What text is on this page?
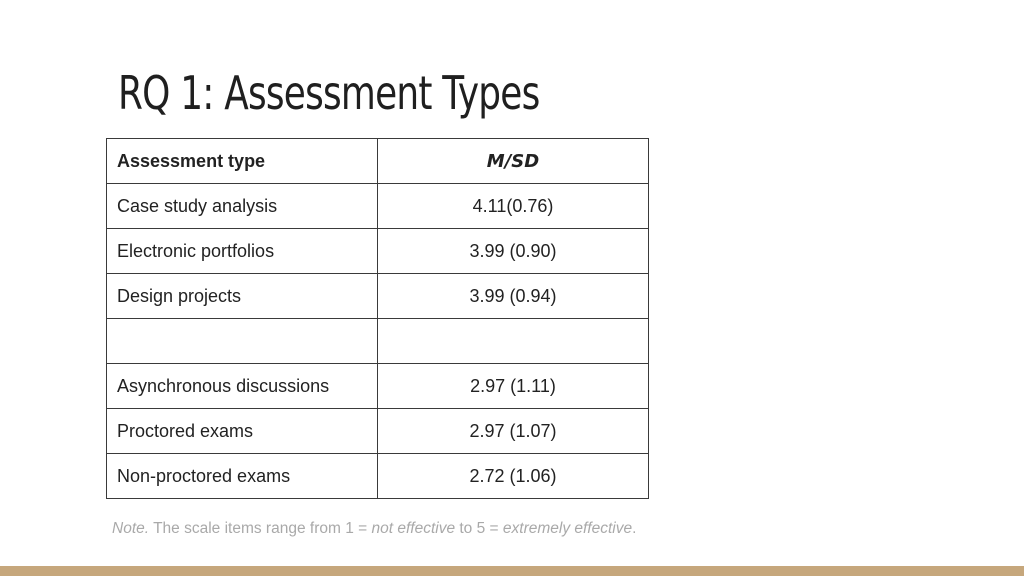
RQ 1: Assessment Types
Assessment type	M/SD
Case study analysis	4.11(0.76)
Electronic portfolios	3.99 (0.90)
Design projects	3.99 (0.94)

Asynchronous discussions	2.97 (1.11)
Proctored exams	2.97 (1.07)
Non-proctored exams	2.72 (1.06)

Note. The scale items range from 1 = not effective to 5 = extremely effective.
